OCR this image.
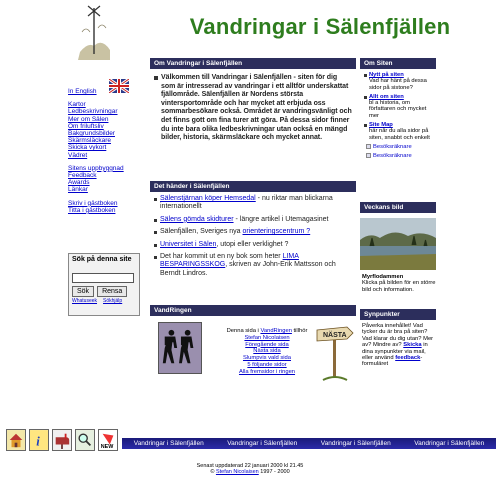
Vandringar i Sälenfjällen
In English
Kartor
Ledbeskrivningar
Mer om Sälen
Om friluftsliv
Bakgrundsbilder
Skärmsläckare
Skicka vykort
Vädret
Sitens uppbyggnad
Feedback
Awards
Länkar
Skriv i gästboken
Titta i gästboken
Sök på denna site
Sök	Rensa
Whatuseek Sökhjälp
Om Vandringar i Sälenfjällen

Välkommen till Vandringar i Sälenfjällen - siten för dig som är intresserad av vandringar i ett alltför underskattat fjällområde. Sälenfjällen är Nordens största vintersportområde och har mycket att erbjuda oss sommarbesökare också. Området är vandringsvänligt och det finns gott om fina turer att göra. På dessa sidor finner du inte bara olika ledbeskrivningar utan också en mängd bilder, historia, skärmsläckare och mycket annat.

Det händer i Sälenfjällen
Sälenstjärnan köper Hemsedal - nu riktar man blickarna internationellt
Sälens gömda skidturer - längre artikel i Utemagasinet
Sälenfjällen, Sveriges nya orienteringscentrum ?
Universitet i Sälen, utopi eller verklighet ?
Det har kommit ut en ny bok som heter LIMA BESPARINGSSKOG, skriven av John-Erik Mattsson och Berndt Lindros.
VandRingen
Denna sida i VandRingen tillhör
Stefan Nicolaisen
Föregående sida
Nästa sida
Slumpvis vald sida
5 följande sidor
Alla fremsidor i ringen
NÄSTA
Om Siten
Nytt på siten
Vad har hänt på dessa sidor på sistone?
Allt om siten
bl a historia, om författaren och mycket mer
Site Map
här når du alla sidor på siten, snabbt och enkelt
Besöksräknare
Besöksräknare
Veckans bild
Myrflodammen
Klicka på bilden för en större bild och information.
Synpunkter
Påverka innehållet! Vad tycker du är bra på siten? Vad klarar du dig utan? Mer av? Mindre av? Skicka in dina synpunkter via mail, eller använd feedback-formuläret
i	NEW
Vandringar i Sälenfjällen	Vandringar i Sälenfjällen	Vandringar i Sälenfjällen	Vandringar i Sälenfjällen
Senast uppdaterad 22 januari 2000 kl 21.45
© Stefan Nicolaisen 1997 - 2000
